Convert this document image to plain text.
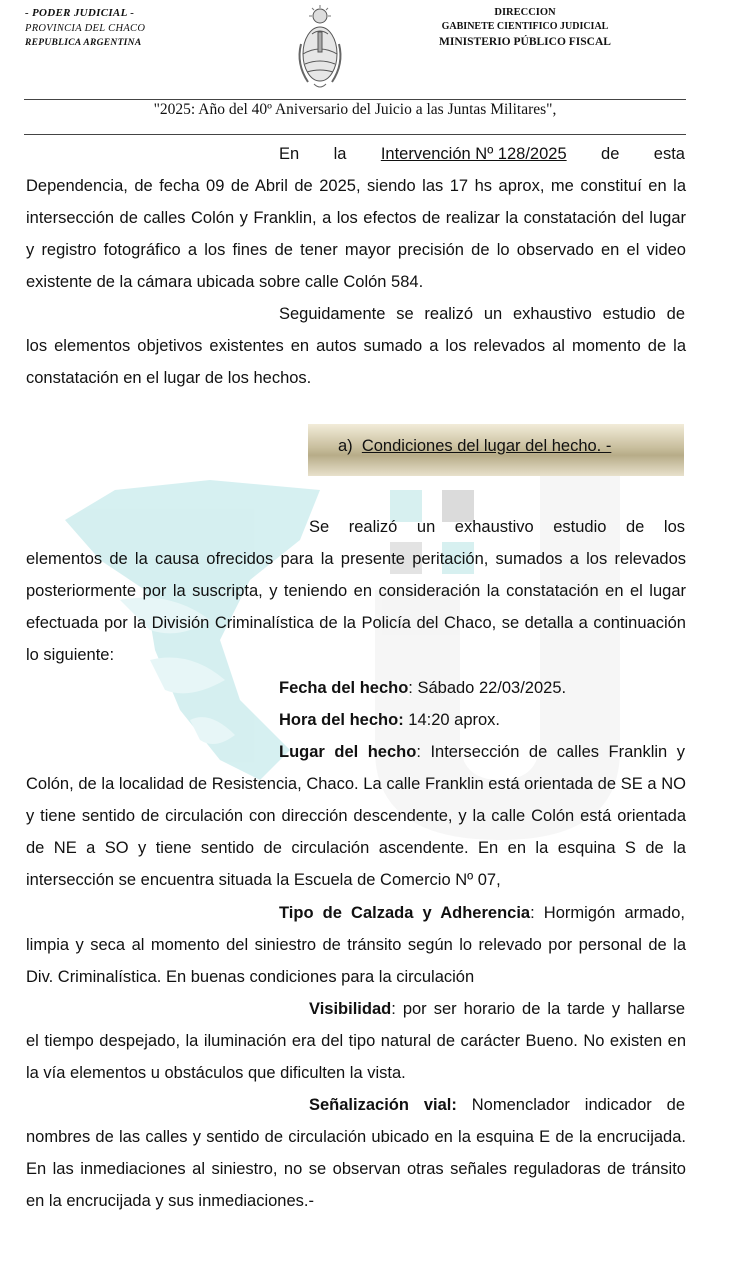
- PODER JUDICIAL -
PROVINCIA DEL CHACO
REPUBLICA ARGENTINA
DIRECCION
GABINETE CIENTIFICO JUDICIAL
MINISTERIO PÚBLICO FISCAL
"2025: Año del 40º Aniversario del Juicio a las Juntas Militares",
En la Intervención Nº 128/2025 de esta
Dependencia, de fecha 09 de Abril de 2025, siendo las 17 hs aprox, me constituí en la intersección de calles Colón y Franklin, a los efectos de realizar la constatación del lugar y registro fotográfico a los fines de tener mayor precisión de lo observado en el video existente de la cámara ubicada sobre calle Colón 584.
Seguidamente se realizó un exhaustivo estudio de
los elementos objetivos existentes en autos sumado a los relevados al momento de la constatación en el lugar de los hechos.
a)  Condiciones del lugar del hecho. -
Se realizó un exhaustivo estudio de los
elementos de la causa ofrecidos para la presente peritación, sumados a los relevados posteriormente por la suscripta, y teniendo en consideración la constatación en el lugar efectuada por la División Criminalística de la Policía del Chaco, se detalla a continuación lo siguiente:
Fecha del hecho: Sábado 22/03/2025.
Hora del hecho: 14:20 aprox.
Lugar del hecho: Intersección de calles Franklin y
Colón, de la localidad de Resistencia, Chaco. La calle Franklin está orientada de SE a NO y tiene sentido de circulación con dirección descendente, y la calle Colón está orientada de NE a SO y tiene sentido de circulación ascendente. En en la esquina S de la intersección se encuentra situada la Escuela de Comercio Nº 07,
Tipo de Calzada y Adherencia: Hormigón armado,
limpia y seca al momento del siniestro de tránsito según lo relevado por personal de la Div. Criminalística. En buenas condiciones para la circulación
Visibilidad: por ser horario de la tarde y hallarse
el tiempo despejado, la iluminación era del tipo natural de carácter Bueno. No existen en la vía elementos u obstáculos que dificulten la vista.
Señalización vial: Nomenclador indicador de
nombres de las calles y sentido de circulación ubicado en la esquina E de la encrucijada. En las inmediaciones al siniestro, no se observan otras señales reguladoras de tránsito en la encrucijada y sus inmediaciones.-
